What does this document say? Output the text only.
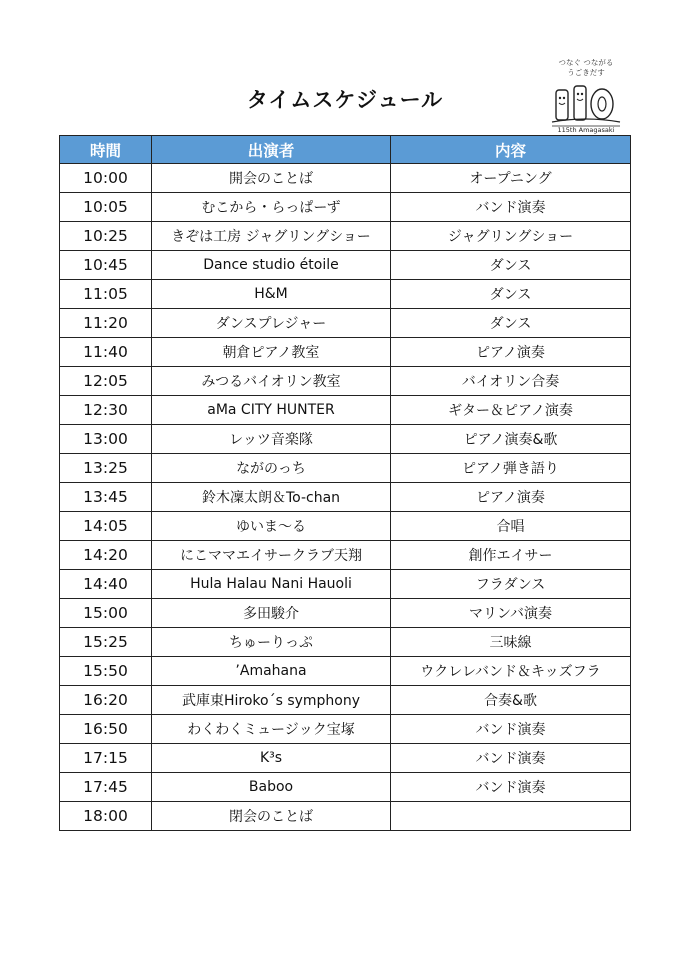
タイムスケジュール
つなぐ つながる
うごきだす
115th Amagasaki
時間	出演者	内容
10:00	開会のことば	オープニング
10:05	むこから・らっぱーず	バンド演奏
10:25	きぞは工房 ジャグリングショー	ジャグリングショー
10:45	Dance studio étoile	ダンス
11:05	H&M	ダンス
11:20	ダンスプレジャー	ダンス
11:40	朝倉ピアノ教室	ピアノ演奏
12:05	みつるバイオリン教室	バイオリン合奏
12:30	aMa CITY HUNTER	ギター＆ピアノ演奏
13:00	レッツ音楽隊	ピアノ演奏&歌
13:25	ながのっち	ピアノ弾き語り
13:45	鈴木凜太朗＆To-chan	ピアノ演奏
14:05	ゆいま～る	合唱
14:20	にこママエイサークラブ天翔	創作エイサー
14:40	Hula Halau Nani Hauoli	フラダンス
15:00	多田駿介	マリンバ演奏
15:25	ちゅーりっぷ	三味線
15:50	’Amahana	ウクレレバンド＆キッズフラ
16:20	武庫東Hiroko´s symphony	合奏&歌
16:50	わくわくミュージック宝塚	バンド演奏
17:15	K³s	バンド演奏
17:45	Baboo	バンド演奏
18:00	閉会のことば	
